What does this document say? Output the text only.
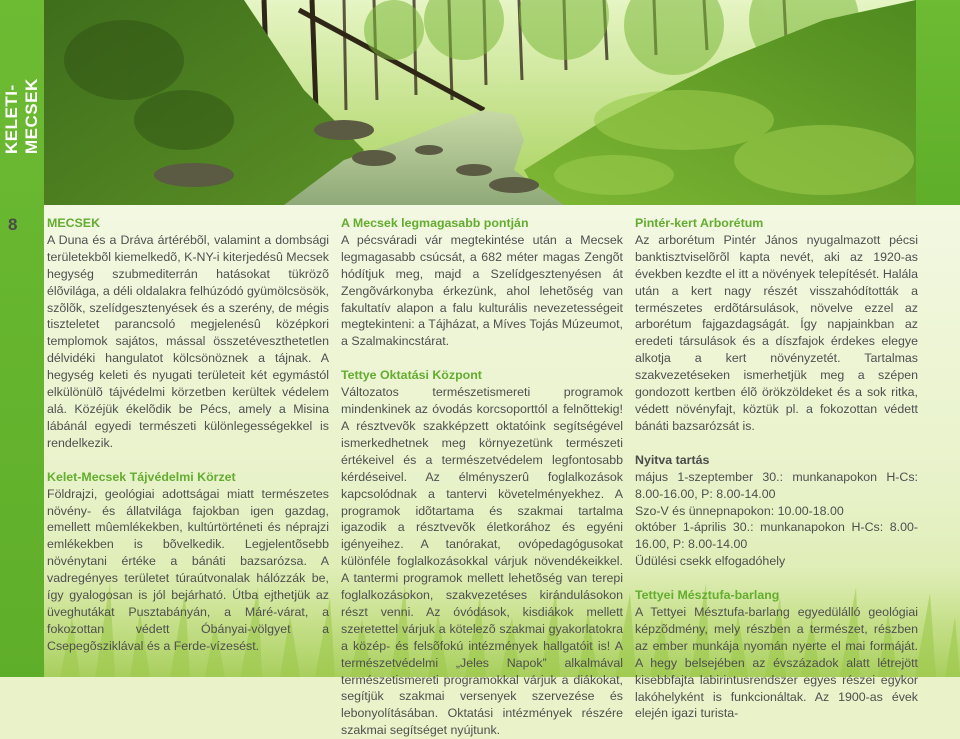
KELETI-MECSEK
8 MECSEK

A Duna és a Dráva ártérébõl, valamint a dombsági területekbõl kiemelkedõ, K-NY-i kiterjedésû Mecsek hegység szubmediterrán hatásokat tükrözõ élõvilága, a déli oldalakra felhúzódó gyümölcsösök, szõlõk, szelídgesztenyések és a szerény, de mégis tiszteletet parancsoló megjelenésû középkori templomok sajátos, mással összetéveszthetetlen délvidéki hangulatot kölcsönöznek a tájnak. A hegység keleti és nyugati területeit két egymástól elkülönülõ tájvédelmi körzetben kerültek védelem alá. Közéjük ékelõdik be Pécs, amely a Misina lábánál egyedi természeti különlegességekkel is rendelkezik.

Kelet-Mecsek Tájvédelmi Körzet

Földrajzi, geológiai adottságai miatt természetes növény- és állatvilága fajokban igen gazdag, emellett mûemlékekben, kultúrtörténeti és néprajzi emlékekben is bõvelkedik. Legjelentõsebb növénytani értéke a bánáti bazsarózsa. A vadregényes területet túraútvonalak hálózzák be, így gyalogosan is jól bejárható. Útba ejthetjük az üveghutákat Pusztabányán, a Máré-várat, a fokozottan védett Óbányai-völgyet a Csepegõsziklával és a Ferde-vízesést.

A Mecsek legmagasabb pontján

A pécsváradi vár megtekintése után a Mecsek legmagasabb csúcsát, a 682 méter magas Zengõt hódítjuk meg, majd a Szelídgesztenyésen át Zengõvárkonyba érkezünk, ahol lehetõség van fakultatív alapon a falu kulturális nevezetességeit megtekinteni: a Tájházat, a Míves Tojás Múzeumot, a Szalmakincstárat.

Tettye Oktatási Központ

Változatos természetismereti programok mindenkinek az óvodás korcsoporttól a felnõttekig! A résztvevõk szakképzett oktatóink segítségével ismerkedhetnek meg környezetünk természeti értékeivel és a természetvédelem legfontosabb kérdéseivel. Az élményszerû foglalkozások kapcsolódnak a tantervi követelményekhez. A programok idõtartama és szakmai tartalma igazodik a résztvevõk életkorához és egyéni igényeihez. A tanórakat, ovópedagógusokat különféle foglalkozásokkal várjuk növendékeikkel. A tantermi programok mellett lehetõség van terepi foglalkozásokon, szakvezetéses kirándulásokon részt venni. Az óvódások, kisdiákok mellett szeretettel várjuk a kötelezõ szakmai gyakorlatokra a közép- és felsõfokú intézmények hallgatóit is! A természetvédelmi „Jeles Napok” alkalmával természetismereti programokkal várjuk a diákokat, segítjük szakmai versenyek szervezése és lebonyolításában. Oktatási intézmények részére szakmai segítséget nyújtunk.

Pintér-kert Arborétum

Az arborétum Pintér János nyugalmazott pécsi banktisztviselõrõl kapta nevét, aki az 1920-as években kezdte el itt a növények telepítését. Halála után a kert nagy részét visszahódították a természetes erdõtársulások, növelve ezzel az arborétum fajgazdagságát. Így napjainkban az eredeti társulások és a díszfajok érdekes elegye alkotja a kert növényzetét. Tartalmas szakvezetéseken ismerhetjük meg a szépen gondozott kertben élõ örökzöldeket és a sok ritka, védett növényfajt, köztük pl. a fokozottan védett bánáti bazsarózsát is.

Nyitva tartás

május 1-szeptember 30.: munkanapokon H-Cs: 8.00-16.00, P: 8.00-14.00

Szo-V és ünnepnapokon: 10.00-18.00

október 1-április 30.: munkanapokon H-Cs: 8.00-16.00, P: 8.00-14.00

Üdülési csekk elfogadóhely

Tettyei Mésztufa-barlang

A Tettyei Mésztufa-barlang egyedülálló geológiai képzõdmény, mely részben a természet, részben az ember munkája nyomán nyerte el mai formáját. A hegy belsejében az évszázadok alatt létrejött kisebbfajta labirintusrendszer egyes részei egykor lakóhelyként is funkcionáltak. Az 1900-as évek elején igazi turista-
